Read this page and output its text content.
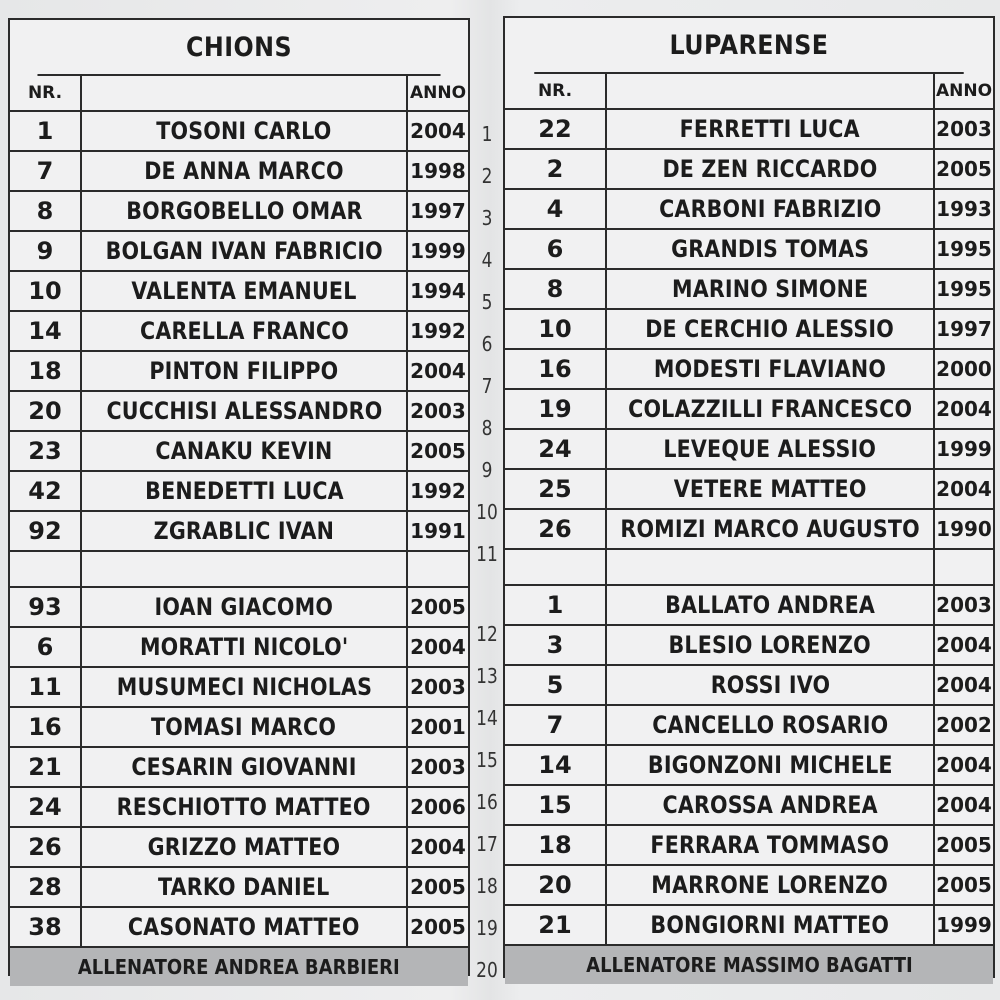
CHIONS
NR.	ANNO
1	TOSONI CARLO	2004
7	DE ANNA MARCO	1998
8	BORGOBELLO OMAR 1997
9	BOLGAN IVAN FABRICIO 1999
10	VALENTA EMANUEL	1994
14	CARELLA FRANCO	1992
18	PINTON FILIPPO	2004
20	CUCCHISI ALESSANDRO 2003
23	CANAKU KEVIN	2005
42	BENEDETTI LUCA	1992
92	ZGRABLIC IVAN	1991
93	IOAN GIACOMO	2005
6	MORATTI NICOLO'	2004
11	MUSUMECI NICHOLAS 2003
16	TOMASI MARCO	2001
21	CESARIN GIOVANNI	2003
24	RESCHIOTTO MATTEO 2006
26	GRIZZO MATTEO	2004
28	TARKO DANIEL	2005
38	CASONATO MATTEO	2005
ALLENATORE ANDREA BARBIERI
1
2
3
4
5
6
7
8
9
10
11
12
13
14
15
16
17
18
19
20
LUPARENSE
NR.	ANNO
22	FERRETTI LUCA	2003
2	DE ZEN RICCARDO	2005
4	CARBONI FABRIZIO	1993
6	GRANDIS TOMAS	1995
8	MARINO SIMONE	1995
10	DE CERCHIO ALESSIO 1997
16	MODESTI FLAVIANO	2000
19	COLAZZILLI FRANCESCO 2004
24	LEVEQUE ALESSIO	1999
25	VETERE MATTEO	2004
26	ROMIZI MARCO AUGUSTO 1990
1	BALLATO ANDREA	2003
3	BLESIO LORENZO	2004
5	ROSSI IVO	2004
7	CANCELLO ROSARIO 2002
14	BIGONZONI MICHELE 2004
15	CAROSSA ANDREA	2004
18	FERRARA TOMMASO 2005
20	MARRONE LORENZO 2005
21	BONGIORNI MATTEO 1999
ALLENATORE MASSIMO BAGATTI
